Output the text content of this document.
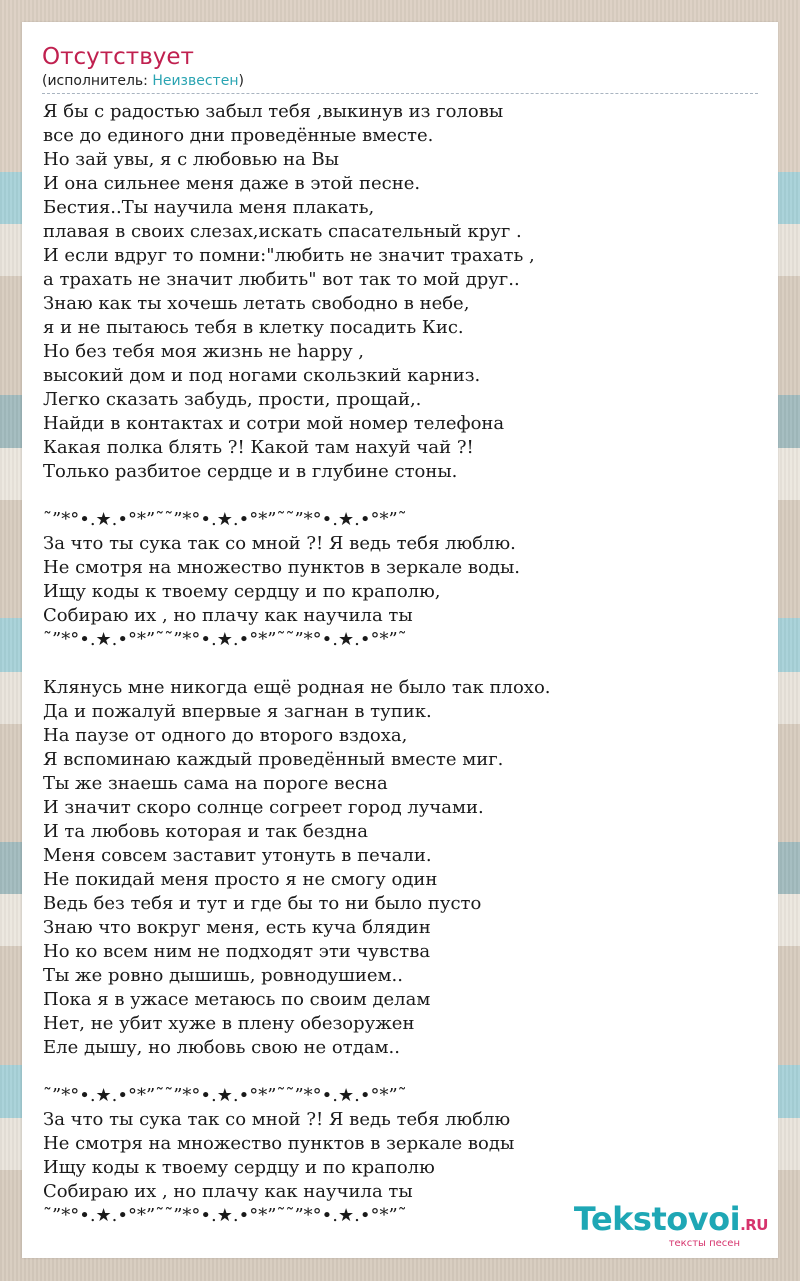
Отсутствует
(исполнитель: Неизвестен)
Я бы с радостью забыл тебя ,выкинув из головы
все до единого дни проведённые вместе.
Но зай увы, я с любовью на Вы
И она сильнее меня даже в этой песне.
Бестия..Ты научила меня плакать,
плавая в своих слезах,искать спасательный круг .
И если вдруг то помни:"любить не значит трахать ,
а трахать не значит любить" вот так то мой друг..
Знаю как ты хочешь летать свободно в небе,
я и не пытаюсь тебя в клетку посадить Кис.
Но без тебя моя жизнь не happy ,
высокий дом и под ногами скользкий карниз.
Легко сказать забудь, прости, прощай,.
Найди в контактах и сотри мой номер телефона
Какая полка блять ?! Какой там нахуй чай ?!
Только разбитое сердце и в глубине стоны.
˜”*°•.★.•°*”˜˜”*°•.★.•°*”˜˜”*°•.★.•°*”˜
За что ты сука так со мной ?! Я ведь тебя люблю.
Не смотря на множество пунктов в зеркале воды.
Ищу коды к твоему сердцу и по краполю,
Собираю их , но плачу как научила ты
˜”*°•.★.•°*”˜˜”*°•.★.•°*”˜˜”*°•.★.•°*”˜
Клянусь мне никогда ещё родная не было так плохо.
Да и пожалуй впервые я загнан в тупик.
На паузе от одного до второго вздоха,
Я вспоминаю каждый проведённый вместе миг.
Ты же знаешь сама на пороге весна
И значит скоро солнце согреет город лучами.
И та любовь которая и так бездна
Меня совсем заставит утонуть в печали.
Не покидай меня просто я не смогу один
Ведь без тебя и тут и где бы то ни было пусто
Знаю что вокруг меня, есть куча блядин
Но ко всем ним не подходят эти чувства
Ты же ровно дышишь, ровнодушием..
Пока я в ужасе метаюсь по своим делам
Нет, не убит хуже в плену обезоружен
Еле дышу, но любовь свою не отдам..
˜”*°•.★.•°*”˜˜”*°•.★.•°*”˜˜”*°•.★.•°*”˜
За что ты сука так со мной ?! Я ведь тебя люблю
Не смотря на множество пунктов в зеркале воды
Ищу коды к твоему сердцу и по краполю
Собираю их , но плачу как научила ты
˜”*°•.★.•°*”˜˜”*°•.★.•°*”˜˜”*°•.★.•°*”˜	Tekstovoi.RU
тексты песен
